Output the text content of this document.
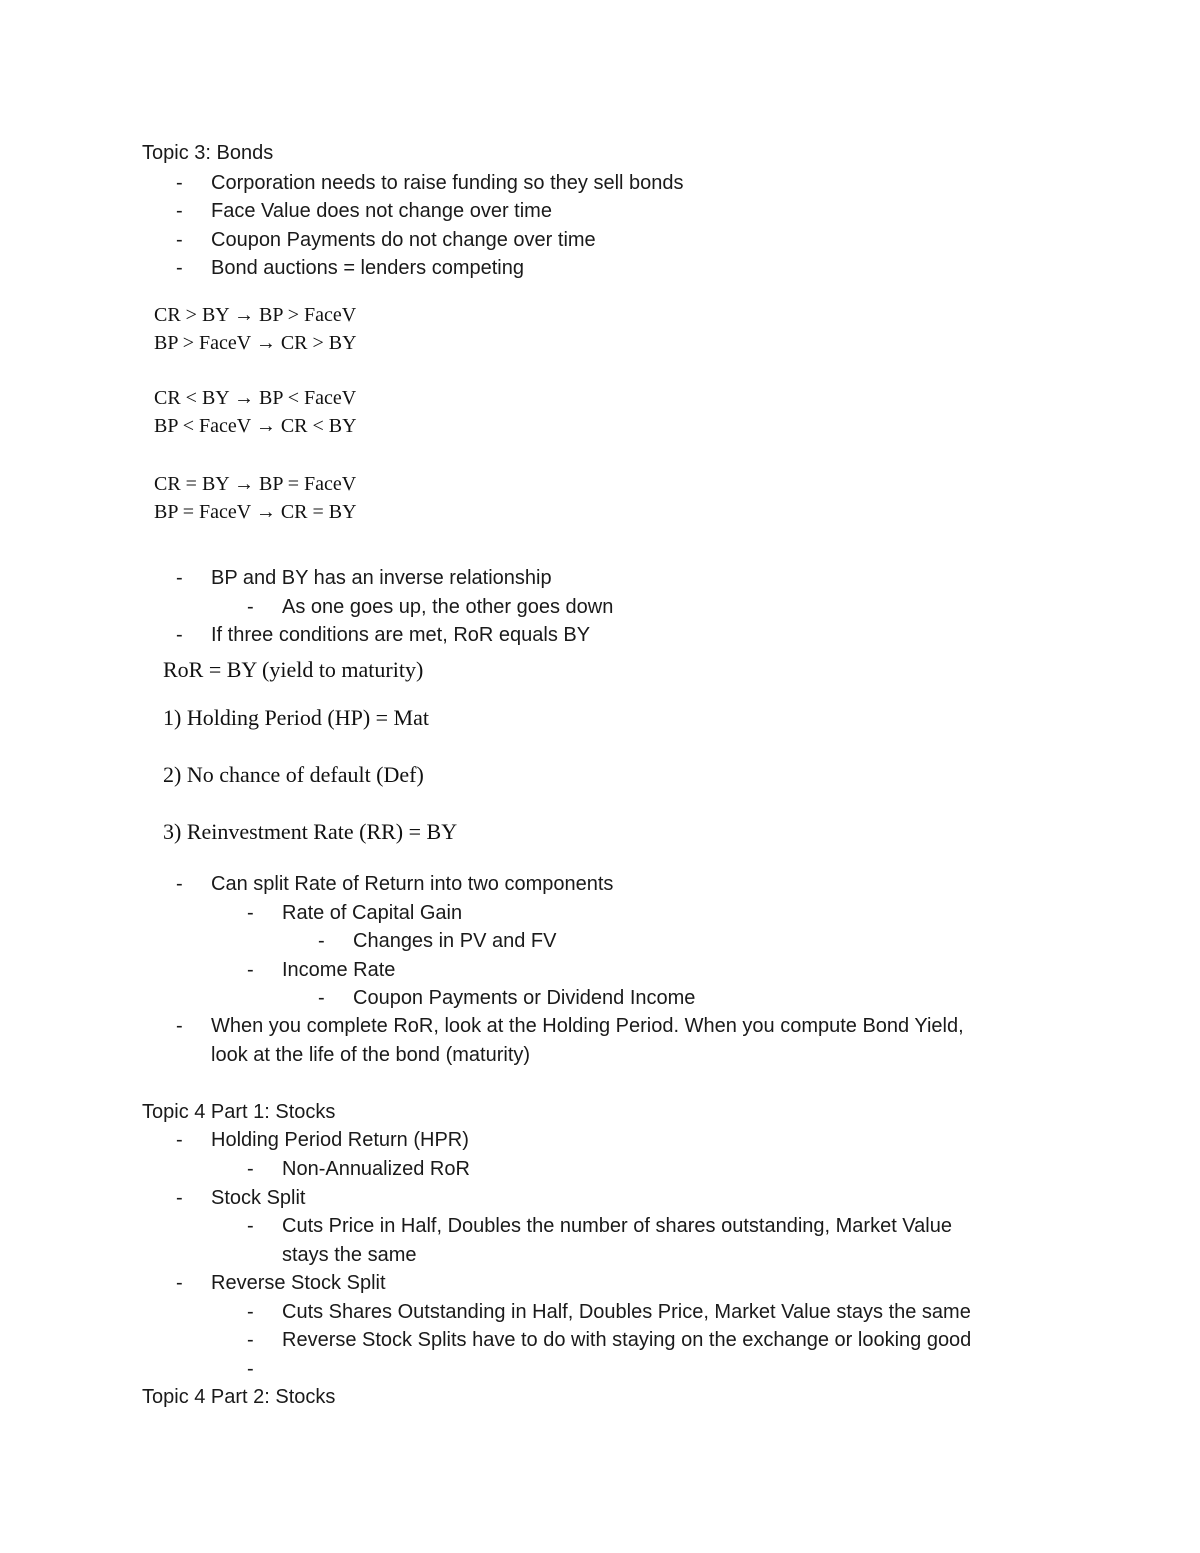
Topic 3: Bonds
- Corporation needs to raise funding so they sell bonds
- Face Value does not change over time
- Coupon Payments do not change over time
- Bond auctions = lenders competing
CR > BY → BP > FaceV
BP > FaceV → CR > BY
CR < BY → BP < FaceV
BP < FaceV → CR < BY
CR = BY → BP = FaceV
BP = FaceV → CR = BY
- BP and BY has an inverse relationship
- As one goes up, the other goes down
- If three conditions are met, RoR equals BY
RoR = BY (yield to maturity)
1) Holding Period (HP) = Mat
2) No chance of default (Def)
3) Reinvestment Rate (RR) = BY
- Can split Rate of Return into two components
- Rate of Capital Gain
- Changes in PV and FV
- Income Rate
- Coupon Payments or Dividend Income
- When you complete RoR, look at the Holding Period. When you compute Bond Yield,
look at the life of the bond (maturity)
Topic 4 Part 1: Stocks
- Holding Period Return (HPR)
- Non-Annualized RoR
- Stock Split
- Cuts Price in Half, Doubles the number of shares outstanding, Market Value
stays the same
- Reverse Stock Split
- Cuts Shares Outstanding in Half, Doubles Price, Market Value stays the same
- Reverse Stock Splits have to do with staying on the exchange or looking good
-
Topic 4 Part 2: Stocks
